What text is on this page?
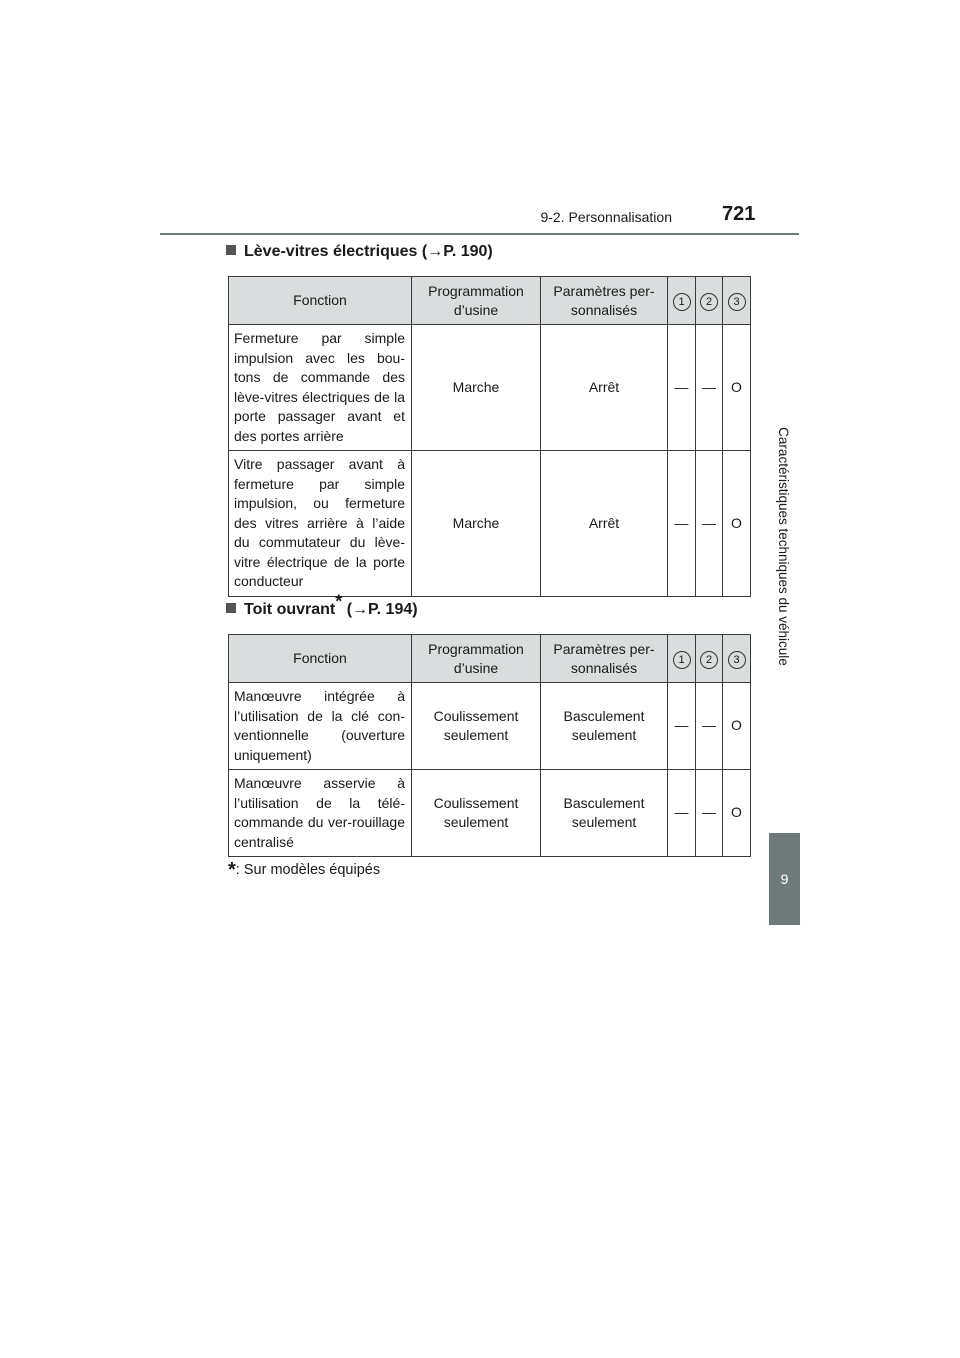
9-2. Personnalisation	721
Caractéristiques techniques du véhicule
9
Lève-vitres électriques (→P. 190)
Fonction	Programmation d’usine	Paramètres per-sonnalisés	1	2	3
Fermeture par simple impulsion avec les bou-tons de commande des lève-vitres électriques de la porte passager avant et des portes arrière	Marche	Arrêt	—	—	O
Vitre passager avant à fermeture par simple impulsion, ou fermeture des vitres arrière à l’aide du commutateur du lève-vitre électrique de la porte conducteur	Marche	Arrêt	—	—	O
Toit ouvrant* (→P. 194)
Fonction	Programmation d’usine	Paramètres per-sonnalisés	1	2	3
Manœuvre intégrée à l’utilisation de la clé con-ventionnelle (ouverture uniquement)	Coulissement seulement	Basculement seulement	—	—	O
Manœuvre asservie à l’utilisation de la télé-commande du ver-rouillage centralisé	Coulissement seulement	Basculement seulement	—	—	O
*: Sur modèles équipés
